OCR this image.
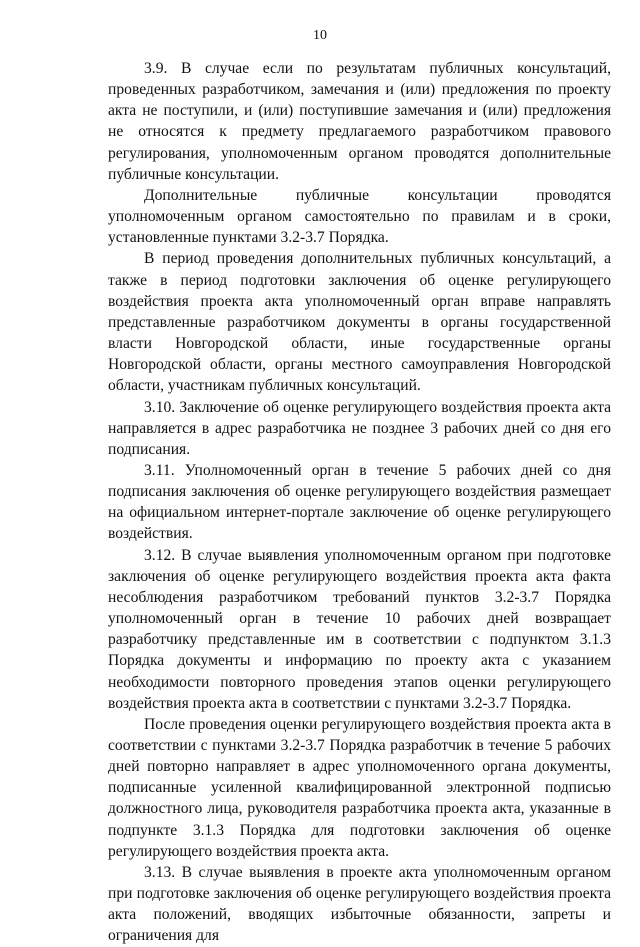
10

3.9. В случае если по результатам публичных консультаций, проведенных разработчиком, замечания и (или) предложения по проекту акта не поступили, и (или) поступившие замечания и (или) предложения не относятся к предмету предлагаемого разработчиком правового регулирования, уполномоченным органом проводятся дополнительные публичные консультации.

Дополнительные публичные консультации проводятся уполномоченным органом самостоятельно по правилам и в сроки, установленные пунктами 3.2-3.7 Порядка.

В период проведения дополнительных публичных консультаций, а также в период подготовки заключения об оценке регулирующего воздействия проекта акта уполномоченный орган вправе направлять представленные разработчиком документы в органы государственной власти Новгородской области, иные государственные органы Новгородской области, органы местного самоуправления Новгородской области, участникам публичных консультаций.

3.10. Заключение об оценке регулирующего воздействия проекта акта направляется в адрес разработчика не позднее 3 рабочих дней со дня его подписания.

3.11. Уполномоченный орган в течение 5 рабочих дней со дня подписания заключения об оценке регулирующего воздействия размещает на официальном интернет-портале заключение об оценке регулирующего воздействия.

3.12. В случае выявления уполномоченным органом при подготовке заключения об оценке регулирующего воздействия проекта акта факта несоблюдения разработчиком требований пунктов 3.2-3.7 Порядка уполномоченный орган в течение 10 рабочих дней возвращает разработчику представленные им в соответствии с подпунктом 3.1.3 Порядка документы и информацию по проекту акта с указанием необходимости повторного проведения этапов оценки регулирующего воздействия проекта акта в соответствии с пунктами 3.2-3.7 Порядка.

После проведения оценки регулирующего воздействия проекта акта в соответствии с пунктами 3.2-3.7 Порядка разработчик в течение 5 рабочих дней повторно направляет в адрес уполномоченного органа документы, подписанные усиленной квалифицированной электронной подписью должностного лица, руководителя разработчика проекта акта, указанные в подпункте 3.1.3 Порядка для подготовки заключения об оценке регулирующего воздействия проекта акта.

3.13. В случае выявления в проекте акта уполномоченным органом при подготовке заключения об оценке регулирующего воздействия проекта акта положений, вводящих избыточные обязанности, запреты и ограничения для
